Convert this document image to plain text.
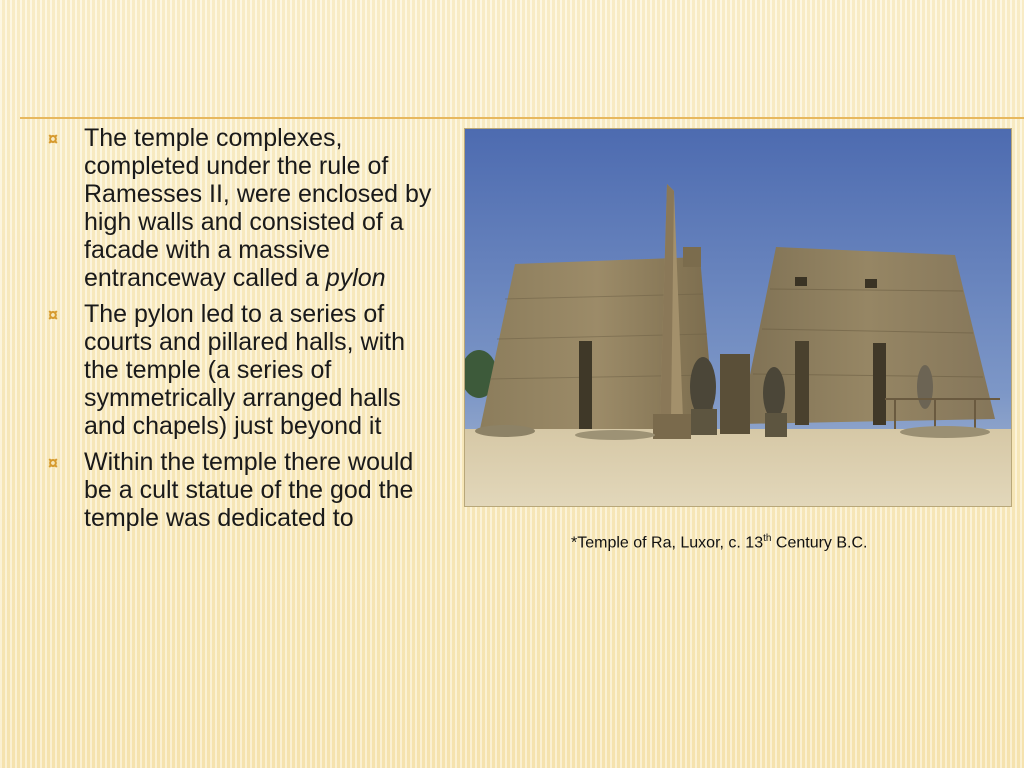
¤ The temple complexes, completed under the rule of Ramesses II, were enclosed by high walls and consisted of a facade with a massive entranceway called a pylon
¤ The pylon led to a series of courts and pillared halls, with the temple (a series of symmetrically arranged halls and chapels) just beyond it
¤ Within the temple there would be a cult statue of the god the temple was dedicated to
*Temple of Ra, Luxor, c. 13th Century B.C.
